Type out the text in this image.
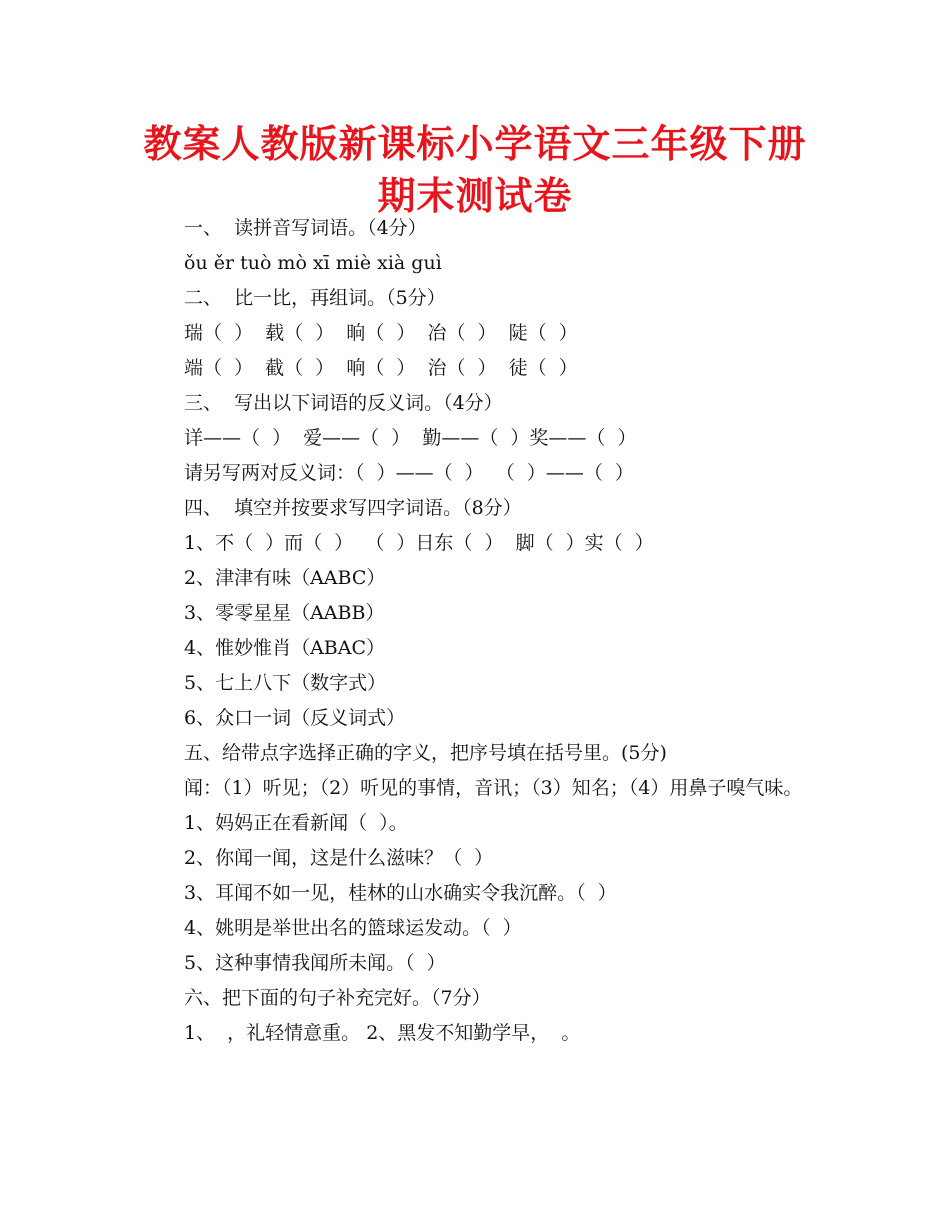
教案人教版新课标小学语文三年级下册期末测试卷
一、  读拼音写词语。（4分）
ǒu ěr tuò mò xī miè xià guì
二、  比一比，再组词。（5分）
瑞（  ）  载（  ）  晌（  ）  冶（  ）  陡（  ）
端（  ）  截（  ）  响（  ）  治（  ）  徒（  ）
三、  写出以下词语的反义词。（4分）
详——（  ）  爱——（  ）  勤——（  ）奖——（  ）
请另写两对反义词：（  ）——（  ）  （  ）——（  ）
四、  填空并按要求写四字词语。（8分）
1、不（  ）而（  ）  （  ）日东（  ）  脚（  ）实（  ）
2、津津有味（AABC）
3、零零星星（AABB）
4、惟妙惟肖（ABAC）
5、七上八下（数字式）
6、众口一词（反义词式）
五、给带点字选择正确的字义，把序号填在括号里。(5分)
闻：（1）听见；（2）听见的事情，音讯；（3）知名；（4）用鼻子嗅气味。
1、妈妈正在看新闻（  ）。
2、你闻一闻，这是什么滋味？（  ）
3、耳闻不如一见，桂林的山水确实令我沉醉。（  ）
4、姚明是举世出名的篮球运发动。（  ）
5、这种事情我闻所未闻。（  ）
六、把下面的句子补充完好。（7分）
1、  ，礼轻情意重。 2、黑发不知勤学早，  。
